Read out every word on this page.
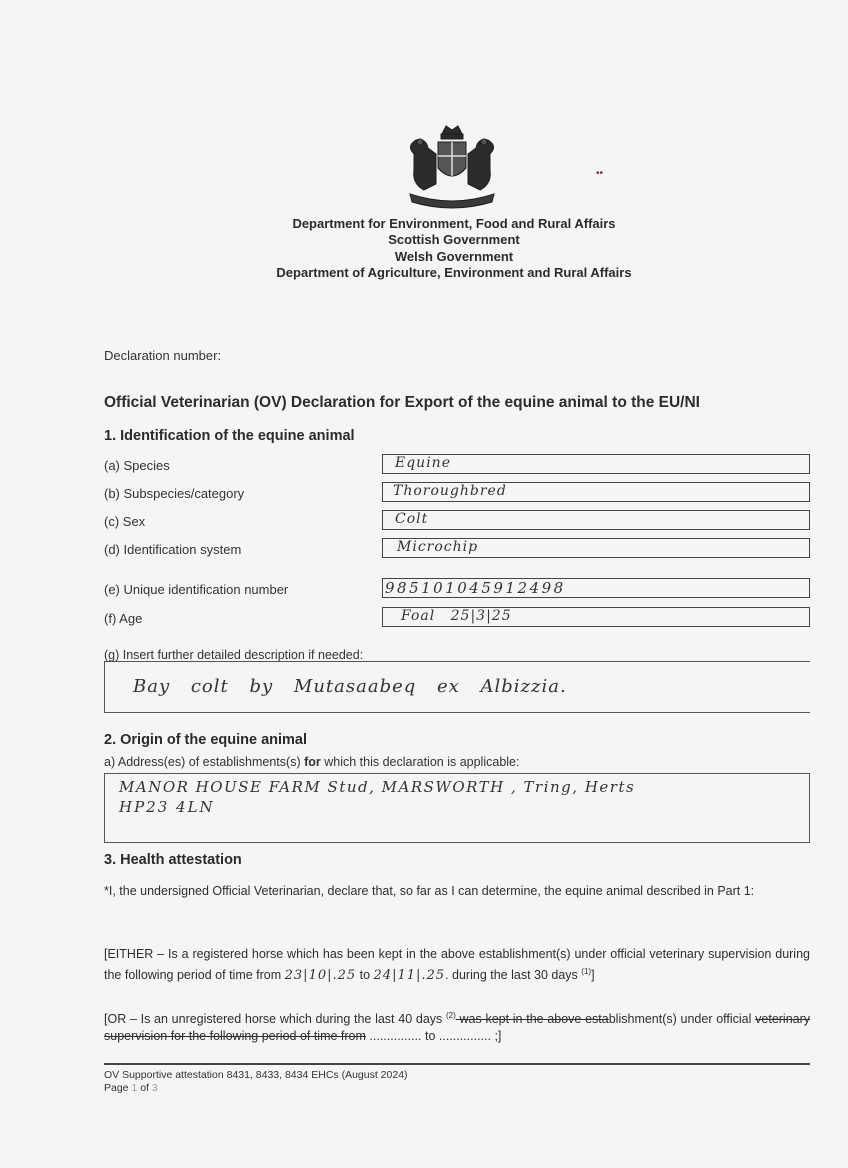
••
Department for Environment, Food and Rural Affairs
Scottish Government
Welsh Government
Department of Agriculture, Environment and Rural Affairs
Declaration number:
Official Veterinarian (OV) Declaration for Export of the equine animal to the EU/NI
1. Identification of the equine animal
(a) Species	Equine
(b) Subspecies/category	Thoroughbred
(c) Sex	Colt
(d) Identification system	Microchip
(e) Unique identification number	985101045912498
(f) Age	Foal 25|3|25
(g) Insert further detailed description if needed:
Bay colt by Mutasaabeq ex Albizzia.
2. Origin of the equine animal
a) Address(es) of establishments(s) for which this declaration is applicable:
MANOR HOUSE FARM Stud, MARSWORTH , Tring, Herts
HP23 4LN
3. Health attestation
*I, the undersigned Official Veterinarian, declare that, so far as I can determine, the equine animal described in Part 1:
[EITHER – Is a registered horse which has been kept in the above establishment(s) under official veterinary supervision during the following period of time from 23|10|.25 to 24|11|.25. during the last 30 days $^{(1)}$]
[OR – Is an unregistered horse which during the last 40 days $^{(2)}$ was kept in the above establishment(s) under official veterinary supervision for the following period of time from ............... to ............... ;]
OV Supportive attestation 8431, 8433, 8434 EHCs (August 2024)
Page 1 of 3
